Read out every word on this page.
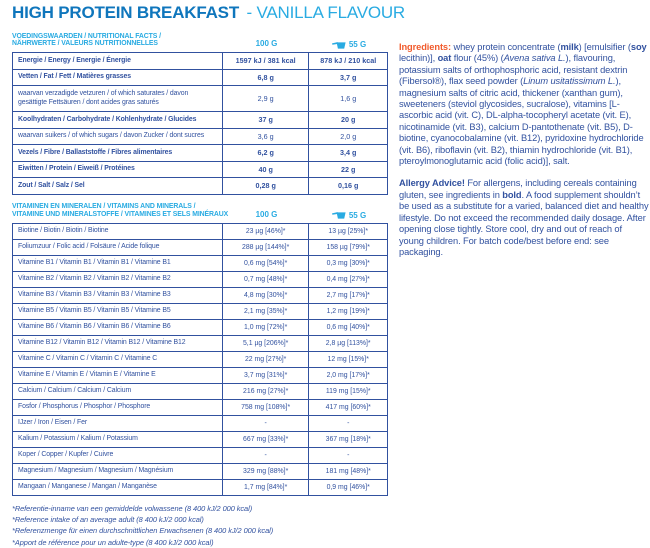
HIGH PROTEIN BREAKFAST - VANILLA FLAVOUR
VOEDINGSWAARDEN / NUTRITIONAL FACTS /
NÄHRWERTE / VALEURS NUTRITIONNELLES	100 G	55 G
Energie / Energy / Energie / Énergie	1597 kJ / 381 kcal	878 kJ / 210 kcal
Vetten / Fat / Fett / Matières grasses	6,8 g	3,7 g
waarvan verzadigde vetzuren / of which saturates / davon gesättigte Fettsäuren / dont acides gras saturés	2,9 g	1,6 g
Koolhydraten / Carbohydrate / Kohlenhydrate / Glucides	37 g	20 g
waarvan suikers / of which sugars / davon Zucker / dont sucres	3,6 g	2,0 g
Vezels / Fibre / Ballaststoffe / Fibres alimentaires	6,2 g	3,4 g
Eiwitten / Protein / Eiweiß / Protéines	40 g	22 g
Zout / Salt / Salz / Sel	0,28 g	0,16 g
VITAMINEN EN MINERALEN / VITAMINS AND MINERALS /
VITAMINE UND MINERALSTOFFE / VITAMINES ET SELS MINÉRAUX	100 G	55 G
Biotine / Biotin / Biotin / Biotine	23 µg [46%]*	13 µg [25%]*
Foliumzuur / Folic acid / Folsäure / Acide folique	288 µg [144%]*	158 µg [79%]*
Vitamine B1 / Vitamin B1 / Vitamin B1 / Vitamine B1	0,6 mg [54%]*	0,3 mg [30%]*
Vitamine B2 / Vitamin B2 / Vitamin B2 / Vitamine B2	0,7 mg [48%]*	0,4 mg [27%]*
Vitamine B3 / Vitamin B3 / Vitamin B3 / Vitamine B3	4,8 mg [30%]*	2,7 mg [17%]*
Vitamine B5 / Vitamin B5 / Vitamin B5 / Vitamine B5	2,1 mg [35%]*	1,2 mg [19%]*
Vitamine B6 / Vitamin B6 / Vitamin B6 / Vitamine B6	1,0 mg [72%]*	0,6 mg [40%]*
Vitamine B12 / Vitamin B12 / Vitamin B12 / Vitamine B12	5,1 µg [206%]*	2,8 µg [113%]*
Vitamine C / Vitamin C / Vitamin C / Vitamine C	22 mg [27%]*	12 mg [15%]*
Vitamine E / Vitamin E / Vitamin E / Vitamine E	3,7 mg [31%]*	2,0 mg [17%]*
Calcium / Calcium / Calcium / Calcium	216 mg [27%]*	119 mg [15%]*
Fosfor / Phosphorus / Phosphor / Phosphore	758 mg [108%]*	417 mg [60%]*
IJzer / Iron / Eisen / Fer	-	-
Kalium / Potassium / Kalium / Potassium	667 mg [33%]*	367 mg [18%]*
Koper / Copper / Kupfer / Cuivre	-	-
Magnesium / Magnesium / Magnesium / Magnésium	329 mg [88%]*	181 mg [48%]*
Mangaan / Manganese / Mangan / Manganèse	1,7 mg [84%]*	0,9 mg [46%]*
*Referentie-inname van een gemiddelde volwassene (8 400 kJ/2 000 kcal)
*Reference intake of an average adult (8 400 kJ/2 000 kcal)
*Referenzmenge für einen durchschnittlichen Erwachsenen (8 400 kJ/2 000 kcal)
*Apport de référence pour un adulte-type (8 400 kJ/2 000 kcal)

Ingredients: whey protein concentrate (milk) [emulsifier (soy lecithin)], oat flour (45%) (Avena sativa L.), flavouring, potassium salts of orthophosphoric acid, resistant dextrin (Fibersol®), flax seed powder (Linum usitatissimum L.), magnesium salts of citric acid, thickener (xanthan gum), sweeteners (steviol glycosides, sucralose), vitamins [L-ascorbic acid (vit. C), DL-alpha-tocopheryl acetate (vit. E), nicotinamide (vit. B3), calcium D-pantothenate (vit. B5), D-biotine, cyanocobalamine (vit. B12), pyridoxine hydrochloride (vit. B6), riboflavin (vit. B2), thiamin hydrochloride (vit. B1), pteroylmonoglutamic acid (folic acid)], salt.

Allergy Advice! For allergens, including cereals containing gluten, see ingredients in bold. A food supplement shouldn’t be used as a substitute for a varied, balanced diet and healthy lifestyle. Do not exceed the recommended daily dosage. After opening close tightly. Store cool, dry and out of reach of young children. For batch code/best before end: see packaging.
